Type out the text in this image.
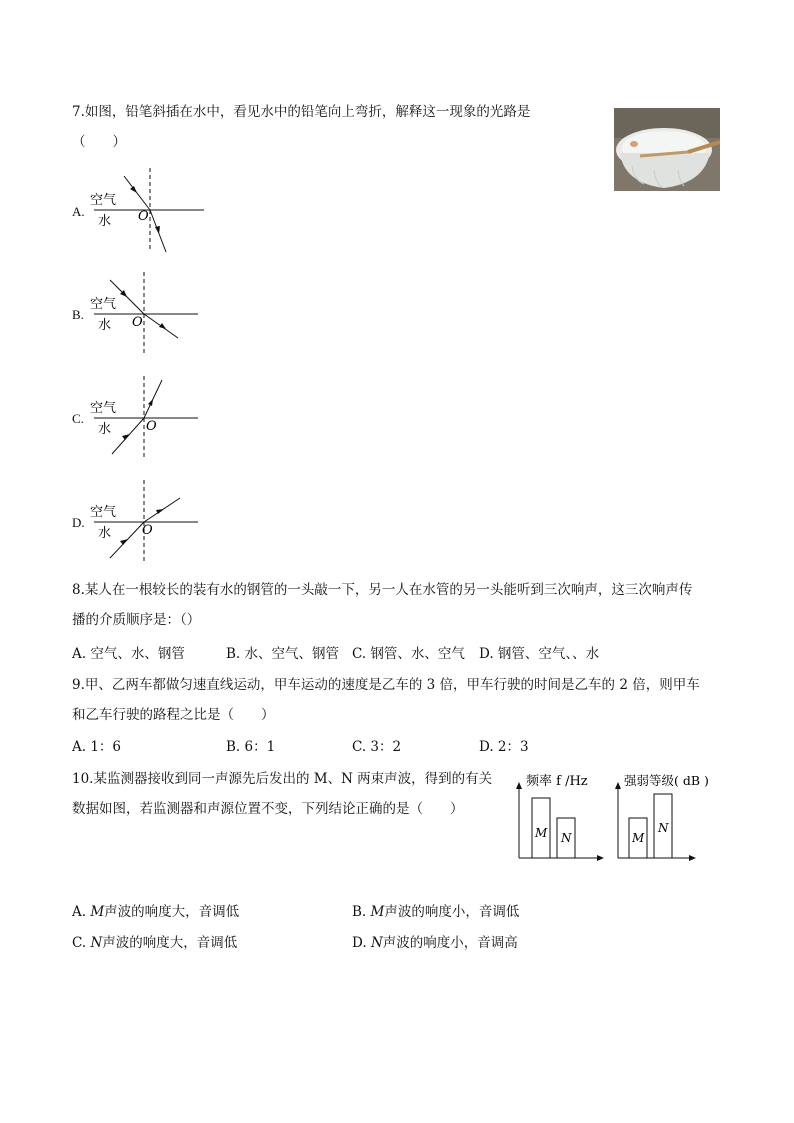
7.如图，铅笔斜插在水中，看见水中的铅笔向上弯折，解释这一现象的光路是
（　　）
A.
空气
水 O
B.
空气
水 O
C.
空气
水	O
D.
空气
水 O
8.某人在一根较长的装有水的钢管的一头敲一下，另一人在水管的另一头能听到三次响声，这三次响声传
播的介质顺序是：（）
A. 空气、水、钢管	B. 水、空气、钢管 C. 钢管、水、空气 D. 钢管、空气、、水
9.甲、乙两车都做匀速直线运动，甲车运动的速度是乙车的 3 倍，甲车行驶的时间是乙车的 2 倍，则甲车
和乙车行驶的路程之比是（　　）
A. 1：6	B. 6：1	C. 3：2	D. 2：3
10.某监测器接收到同一声源先后发出的 M、N 两束声波，得到的有关
数据如图，若监测器和声源位置不变，下列结论正确的是（　　）
M N
频率 f /Hz
M
N
强弱等级( dB )
A. M声波的响度大，音调低	B. M声波的响度小，音调低
C. N声波的响度大，音调低	D. N声波的响度小，音调高
